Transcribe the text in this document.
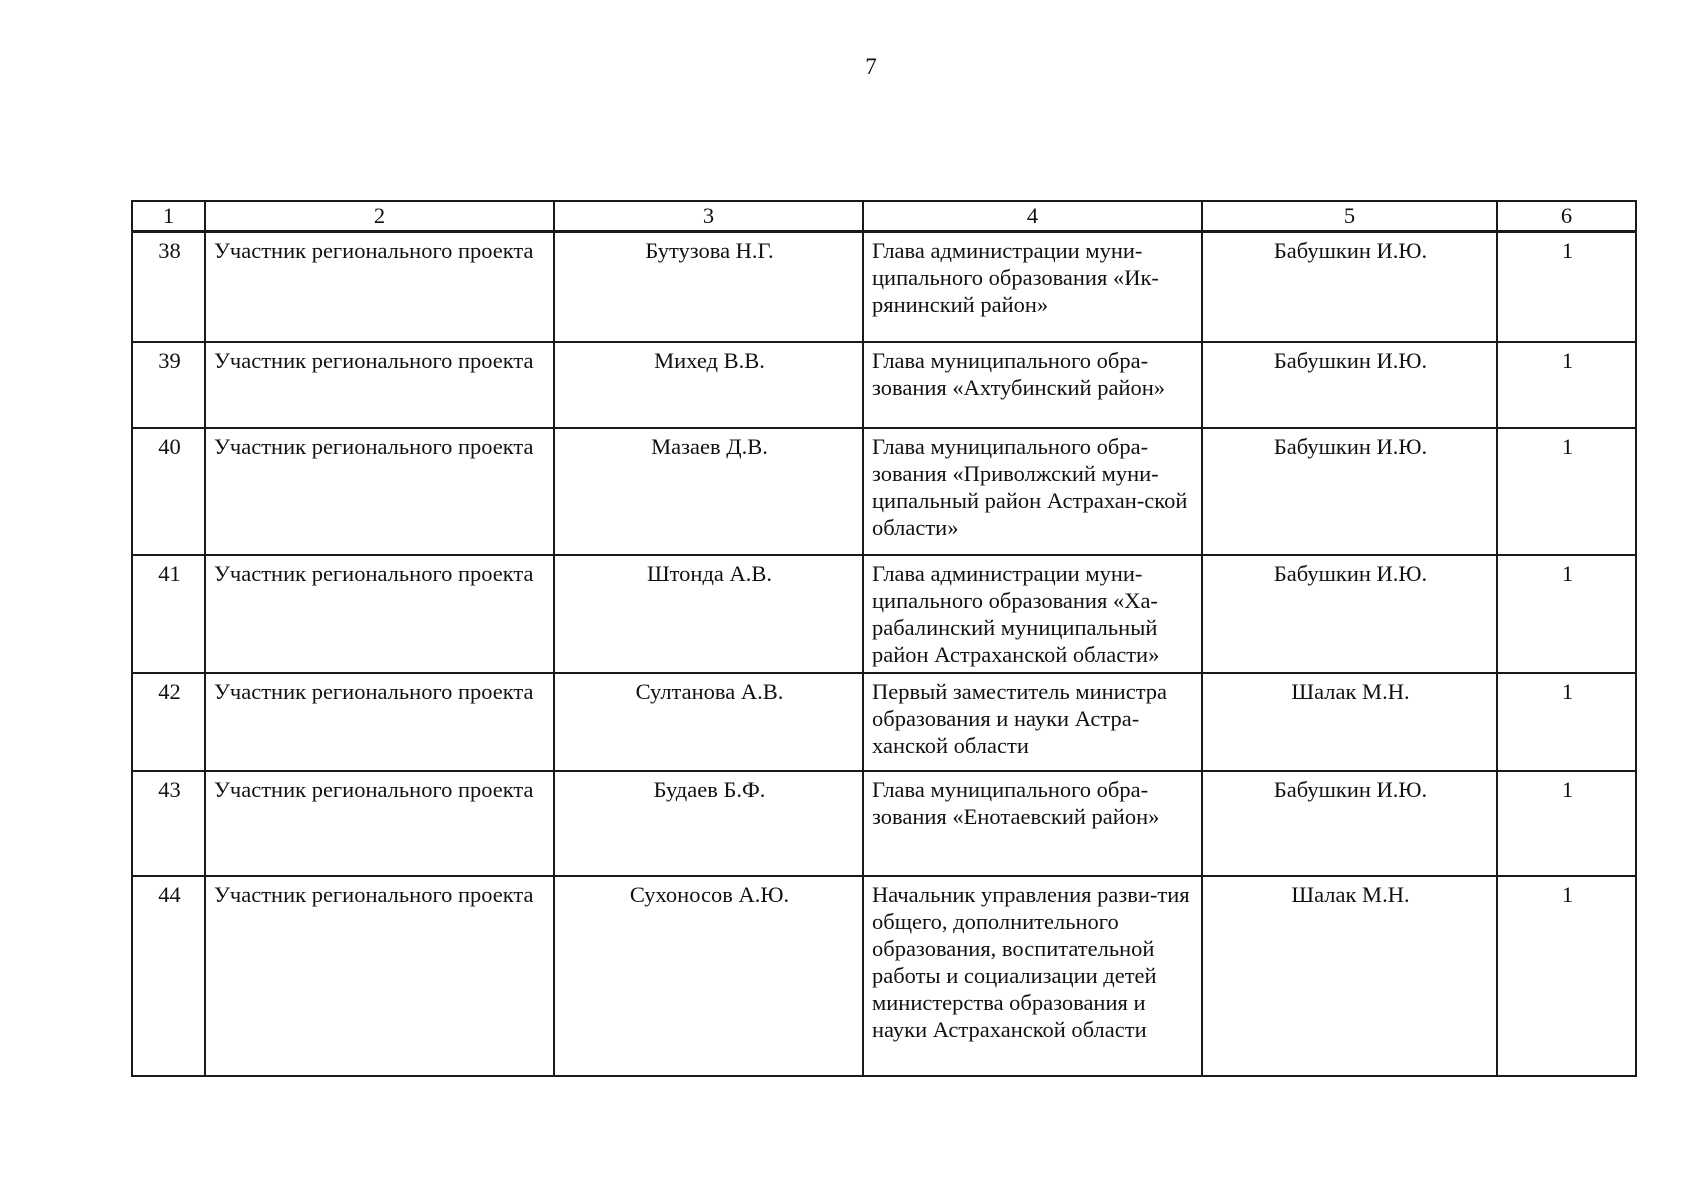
7
1	2	3	4	5	6
38	Участник регионального проекта	Бутузова Н.Г.	Глава администрации муни-ципального образования «Ик-рянинский район»	Бабушкин И.Ю.	1
39	Участник регионального проекта	Михед В.В.	Глава муниципального обра-зования «Ахтубинский район»	Бабушкин И.Ю.	1
40	Участник регионального проекта	Мазаев Д.В.	Глава муниципального обра-зования «Приволжский муни-ципальный район Астрахан-ской области»	Бабушкин И.Ю.	1
41	Участник регионального проекта	Штонда А.В.	Глава администрации муни-ципального образования «Ха-рабалинский муниципальный район Астраханской области»	Бабушкин И.Ю.	1
42	Участник регионального проекта	Султанова А.В.	Первый заместитель министра образования и науки Астра-ханской области	Шалак М.Н.	1
43	Участник регионального проекта	Будаев Б.Ф.	Глава муниципального обра-зования «Енотаевский район»	Бабушкин И.Ю.	1
44	Участник регионального проекта	Сухоносов А.Ю.	Начальник управления разви-тия общего, дополнительного образования, воспитательной работы и социализации детей министерства образования и науки Астраханской области	Шалак М.Н.	1
